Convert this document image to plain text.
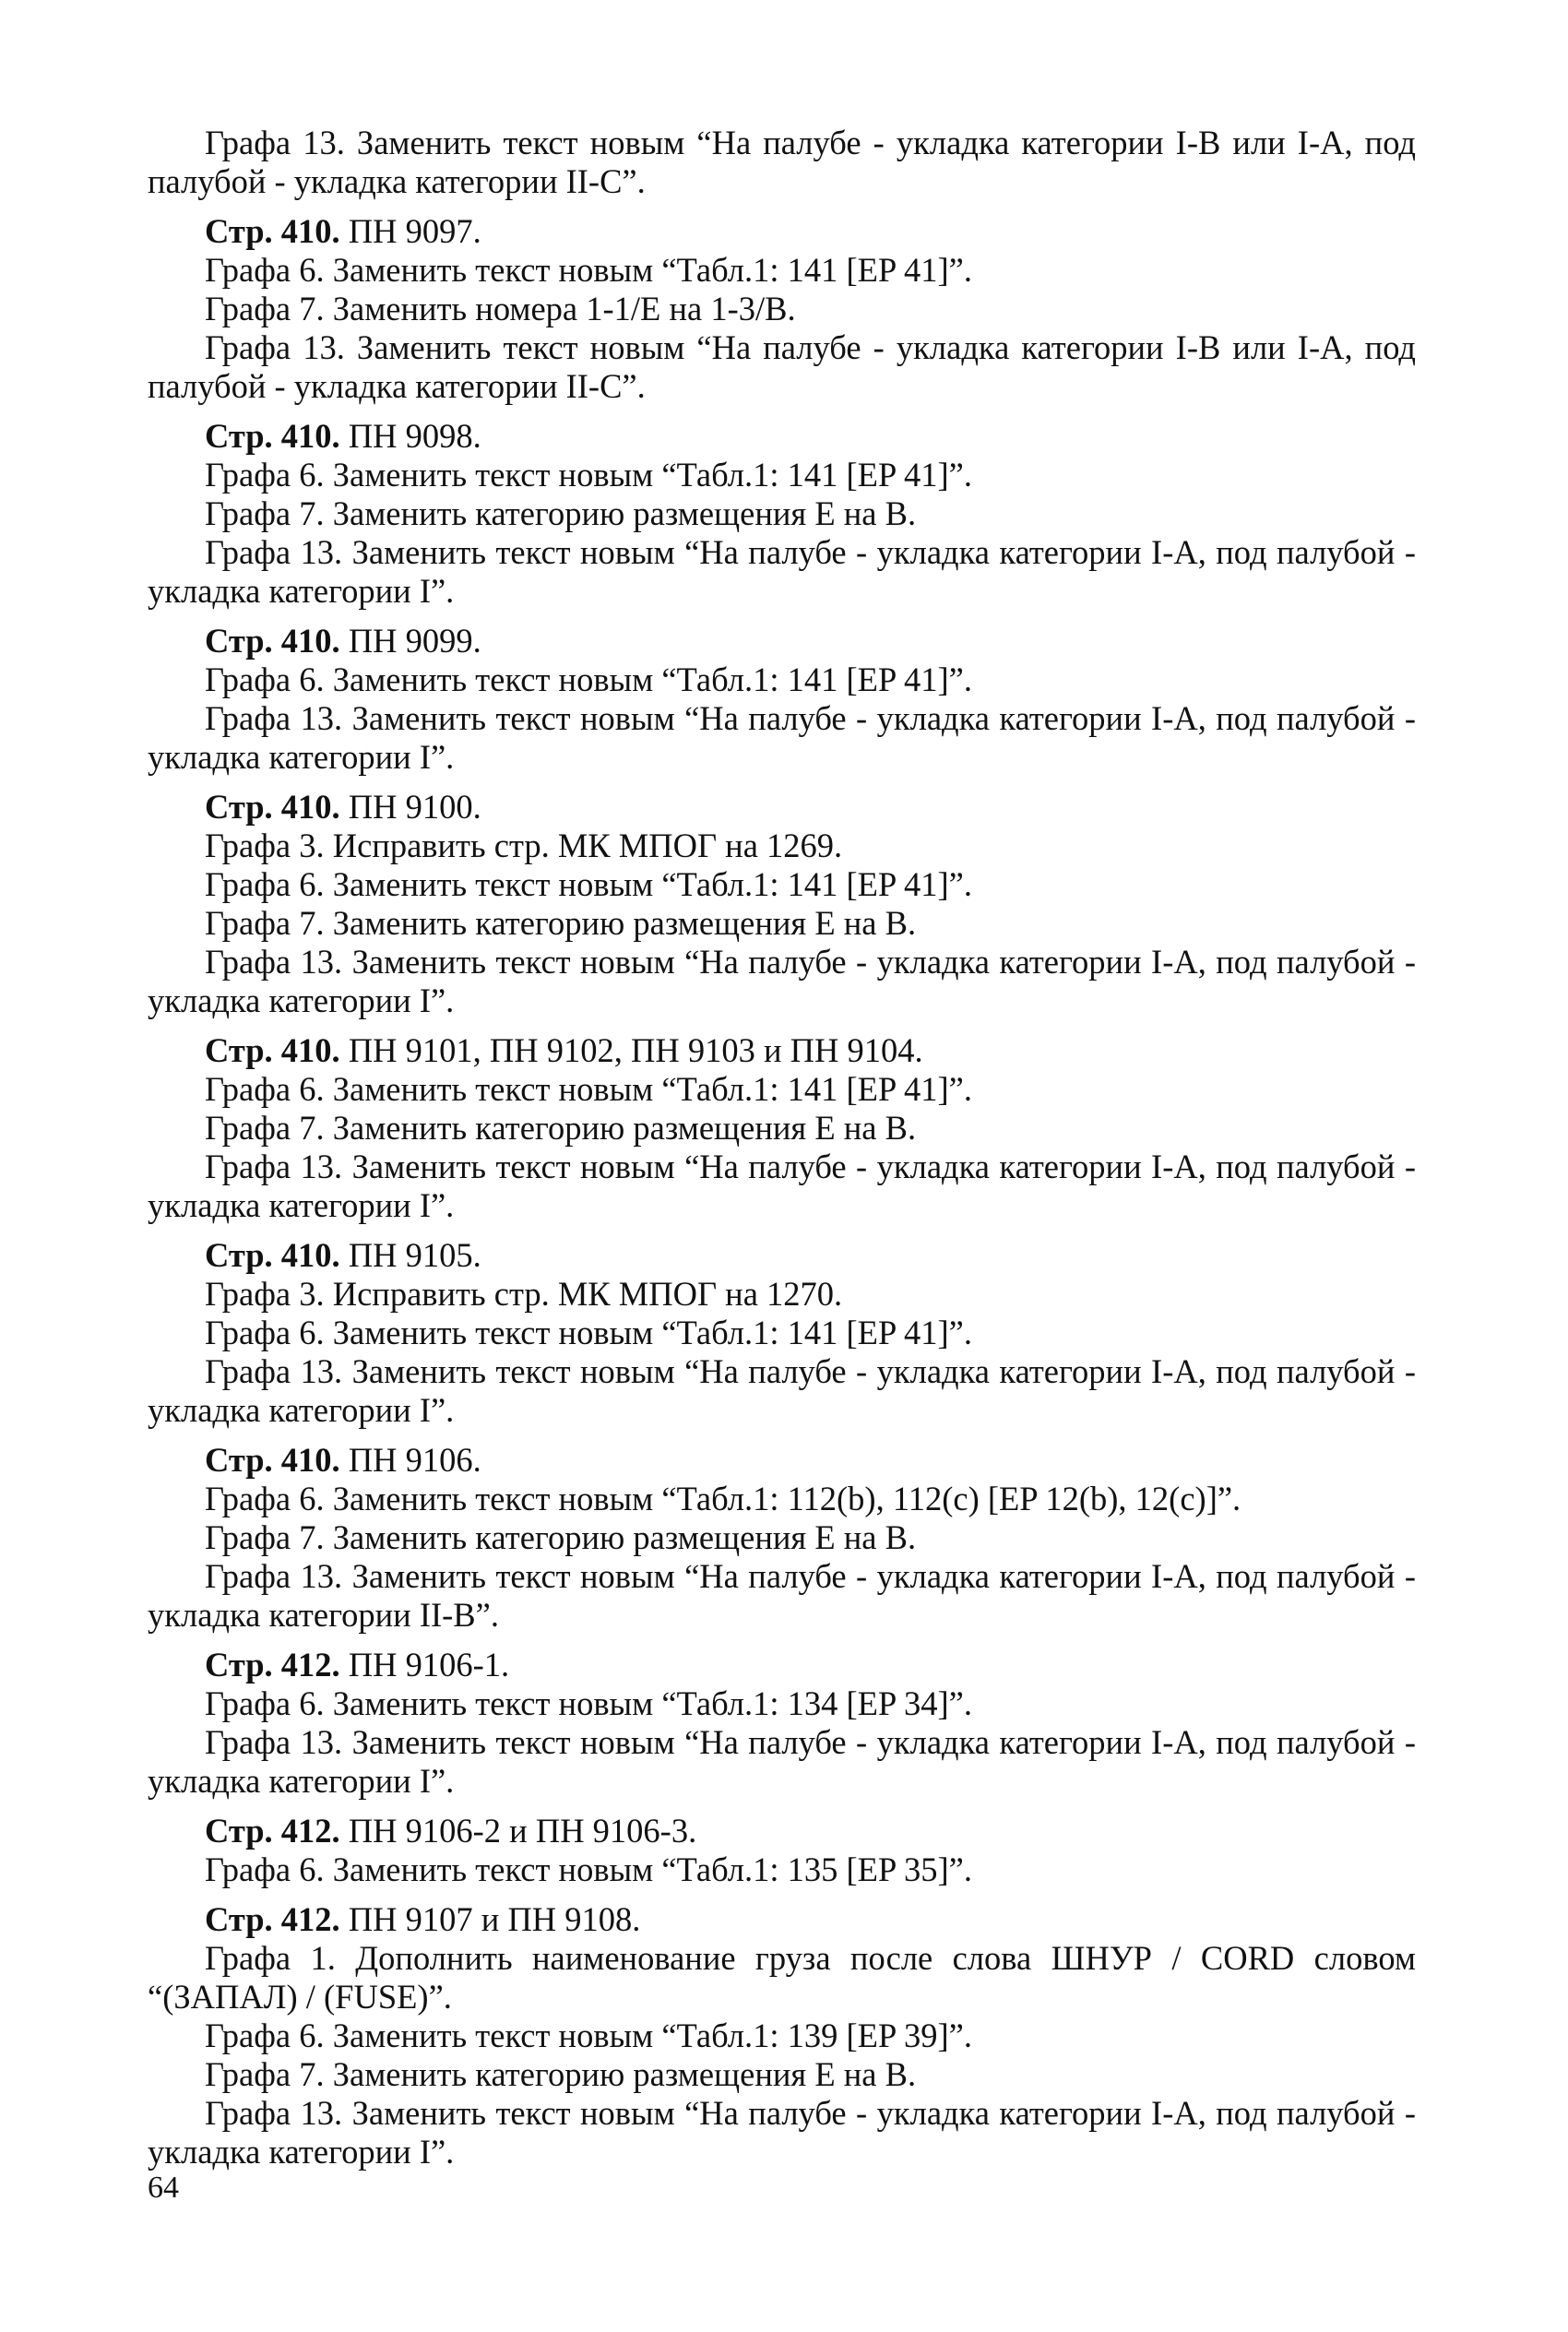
Графа 13. Заменить текст новым “На палубе - укладка категории I-B или I-A, под палубой - укладка категории II-C”.

Стр. 410. ПН 9097.

Графа 6. Заменить текст новым “Табл.1: 141 [EP 41]”.

Графа 7. Заменить номера 1-1/E на 1-3/B.

Графа 13. Заменить текст новым “На палубе - укладка категории I-B или I-A, под палубой - укладка категории II-C”.

Стр. 410. ПН 9098.

Графа 6. Заменить текст новым “Табл.1: 141 [EP 41]”.

Графа 7. Заменить категорию размещения E на B.

Графа 13. Заменить текст новым “На палубе - укладка категории I-A, под палубой - укладка категории I”.

Стр. 410. ПН 9099.

Графа 6. Заменить текст новым “Табл.1: 141 [EP 41]”.

Графа 13. Заменить текст новым “На палубе - укладка категории I-A, под палубой - укладка категории I”.

Стр. 410. ПН 9100.

Графа 3. Исправить стр. МК МПОГ на 1269.

Графа 6. Заменить текст новым “Табл.1: 141 [EP 41]”.

Графа 7. Заменить категорию размещения E на B.

Графа 13. Заменить текст новым “На палубе - укладка категории I-A, под палубой - укладка категории I”.

Стр. 410. ПН 9101, ПН 9102, ПН 9103 и ПН 9104.

Графа 6. Заменить текст новым “Табл.1: 141 [EP 41]”.

Графа 7. Заменить категорию размещения E на B.

Графа 13. Заменить текст новым “На палубе - укладка категории I-A, под палубой - укладка категории I”.

Стр. 410. ПН 9105.

Графа 3. Исправить стр. МК МПОГ на 1270.

Графа 6. Заменить текст новым “Табл.1: 141 [EP 41]”.

Графа 13. Заменить текст новым “На палубе - укладка категории I-A, под палубой - укладка категории I”.

Стр. 410. ПН 9106.

Графа 6. Заменить текст новым “Табл.1: 112(b), 112(c) [EP 12(b), 12(c)]”.

Графа 7. Заменить категорию размещения E на B.

Графа 13. Заменить текст новым “На палубе - укладка категории I-A, под палубой - укладка категории II-B”.

Стр. 412. ПН 9106-1.

Графа 6. Заменить текст новым “Табл.1: 134 [EP 34]”.

Графа 13. Заменить текст новым “На палубе - укладка категории I-A, под палубой - укладка категории I”.

Стр. 412. ПН 9106-2 и ПН 9106-3.

Графа 6. Заменить текст новым “Табл.1: 135 [EP 35]”.

Стр. 412. ПН 9107 и ПН 9108.

Графа 1. Дополнить наименование груза после слова ШНУР / CORD словом “(ЗАПАЛ) / (FUSE)”.

Графа 6. Заменить текст новым “Табл.1: 139 [EP 39]”.

Графа 7. Заменить категорию размещения E на B.

Графа 13. Заменить текст новым “На палубе - укладка категории I-A, под палубой - укладка категории I”.

64
